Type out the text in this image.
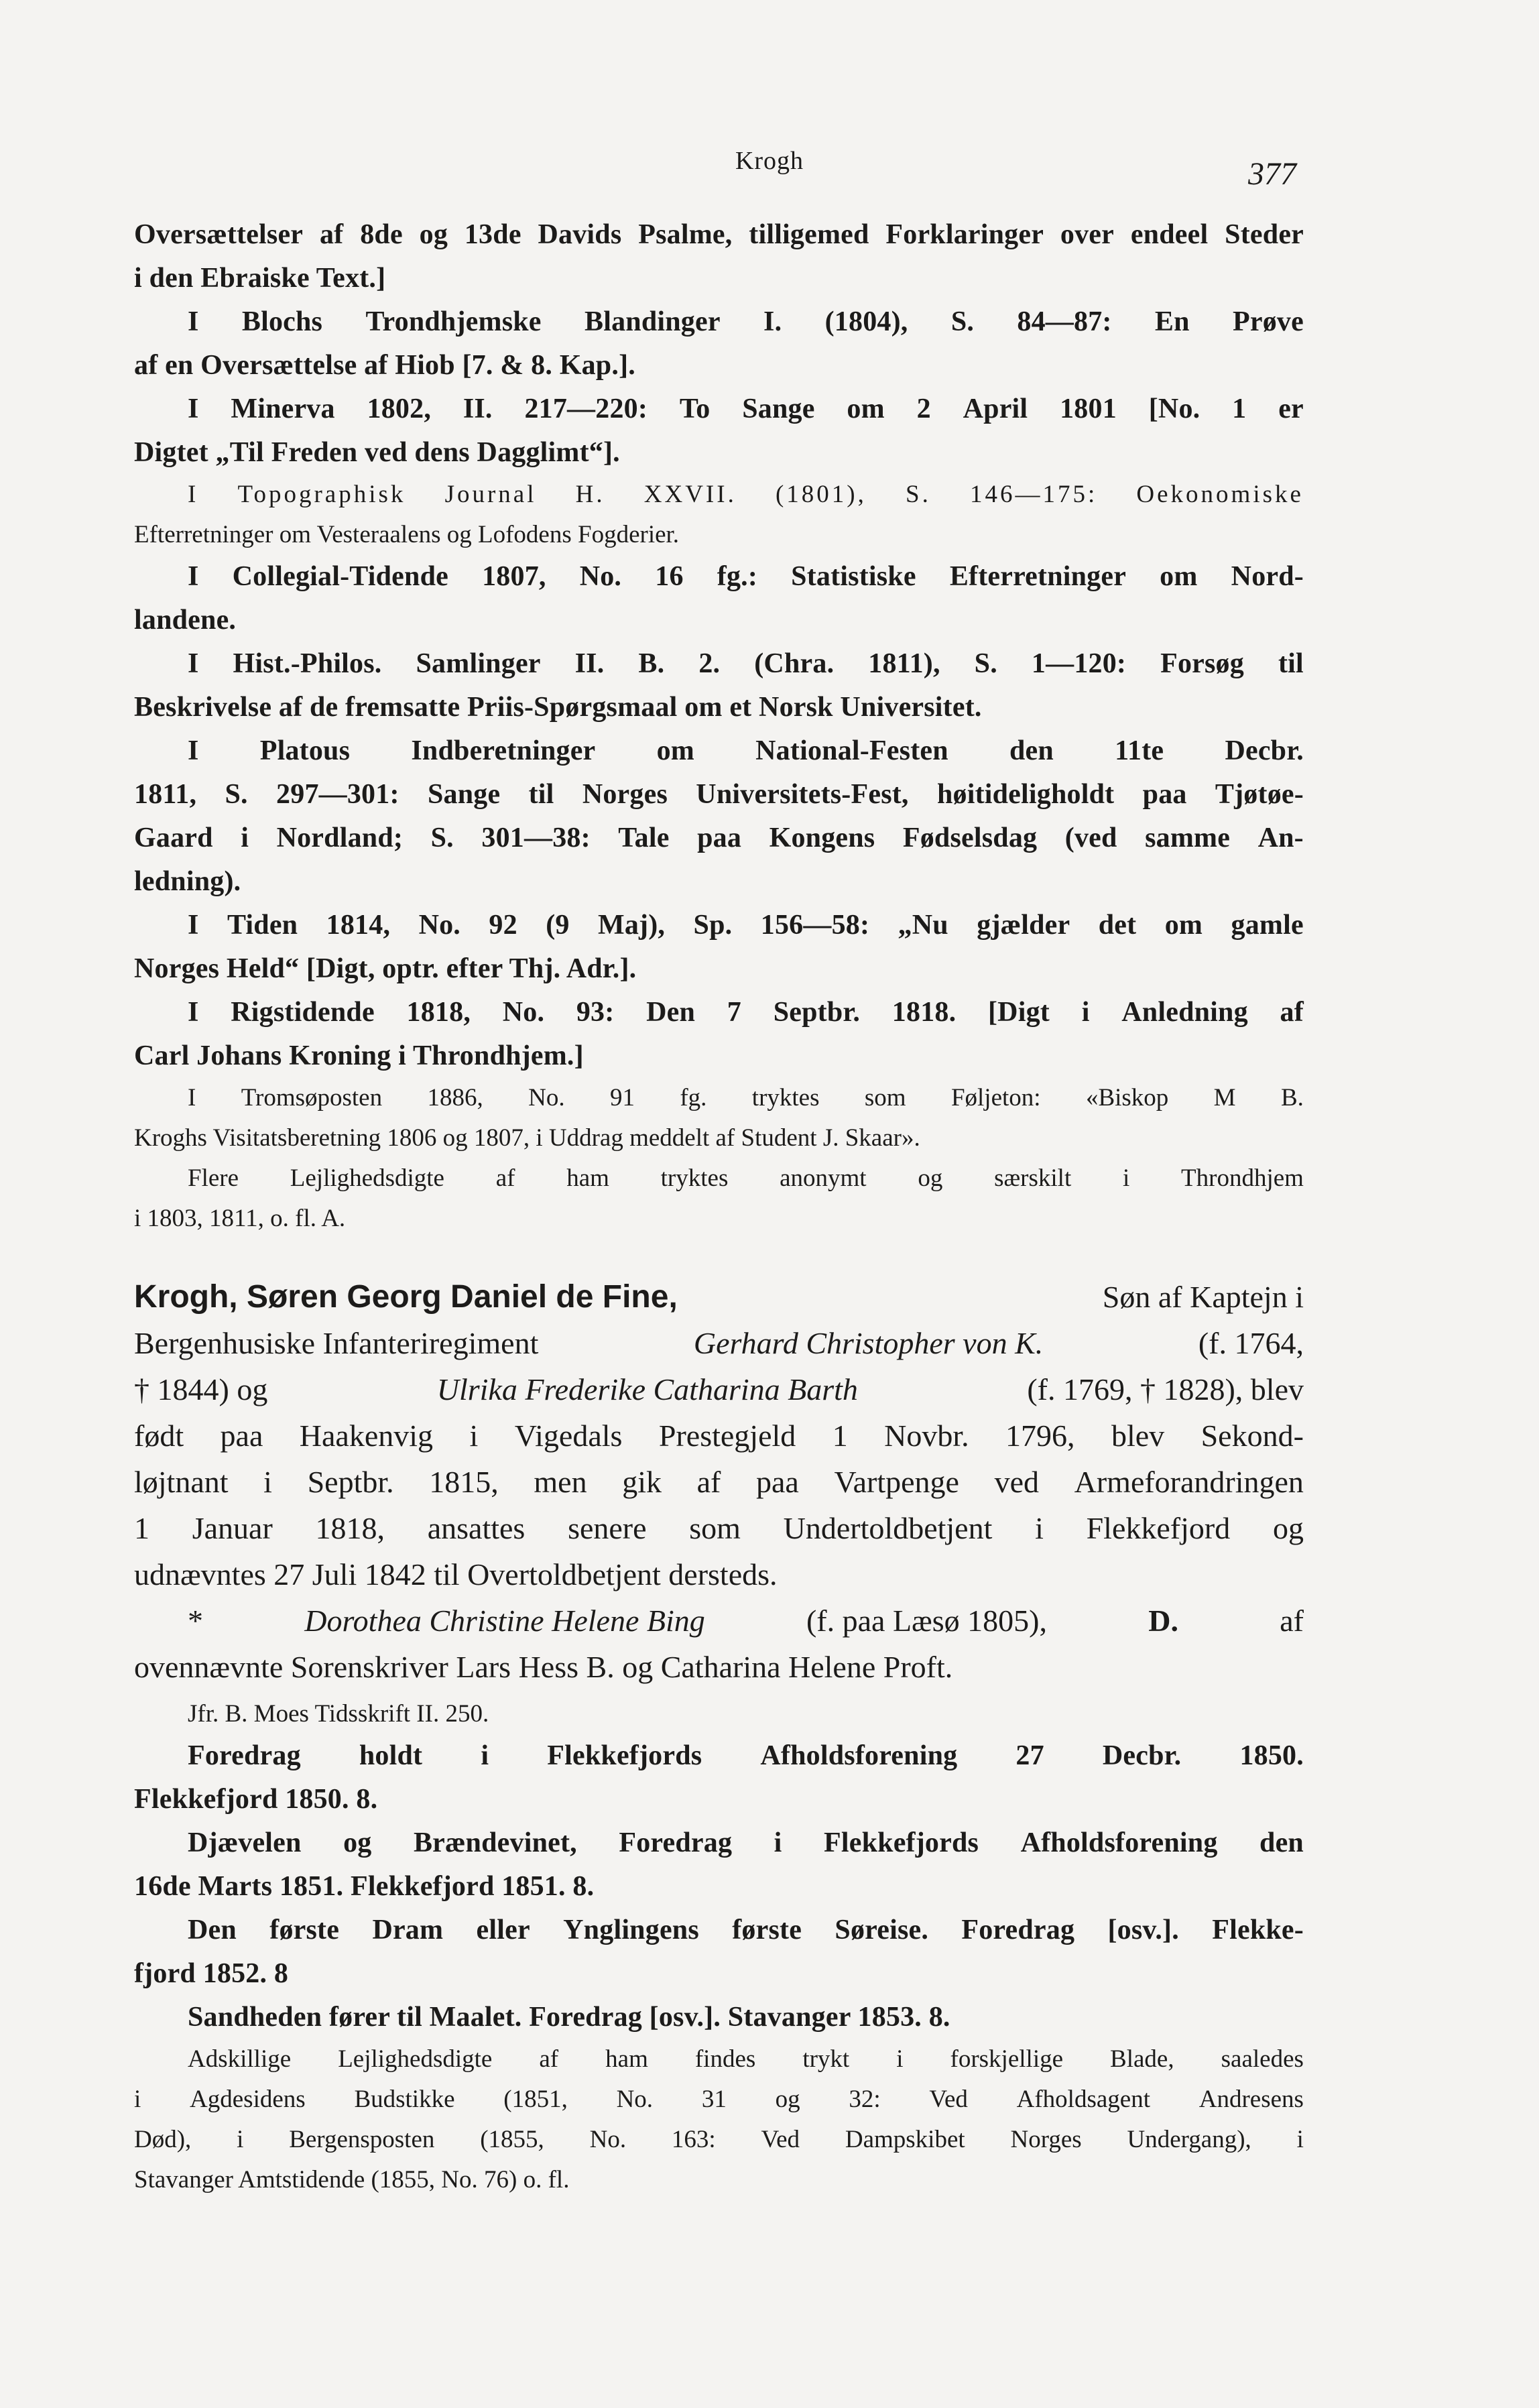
Krogh	377
Oversættelser af 8de og 13de Davids Psalme, tilligemed Forklaringer over endeel Steder
i den Ebraiske Text.]
I Blochs Trondhjemske Blandinger I. (1804), S. 84—87: En Prøve
af en Oversættelse af Hiob [7. & 8. Kap.].
I Minerva 1802, II. 217—220: To Sange om 2 April 1801 [No. 1 er
Digtet „Til Freden ved dens Dagglimt“].
I Topographisk Journal H. XXVII. (1801), S. 146—175: Oekonomiske
Efterretninger om Vesteraalens og Lofodens Fogderier.
I Collegial-Tidende 1807, No. 16 fg.: Statistiske Efterretninger om Nord-
landene.
I Hist.-Philos. Samlinger II. B. 2. (Chra. 1811), S. 1—120: Forsøg til
Beskrivelse af de fremsatte Priis-Spørgsmaal om et Norsk Universitet.
I Platous Indberetninger om National-Festen den 11te Decbr.
1811, S. 297—301: Sange til Norges Universitets-Fest, høitideligholdt paa Tjøtøe-
Gaard i Nordland; S. 301—38: Tale paa Kongens Fødselsdag (ved samme An-
ledning).
I Tiden 1814, No. 92 (9 Maj), Sp. 156—58: „Nu gjælder det om gamle
Norges Held“ [Digt, optr. efter Thj. Adr.].
I Rigstidende 1818, No. 93: Den 7 Septbr. 1818. [Digt i Anledning af
Carl Johans Kroning i Throndhjem.]
I Tromsøposten 1886, No. 91 fg. tryktes som Føljeton: «Biskop M B.
Kroghs Visitatsberetning 1806 og 1807, i Uddrag meddelt af Student J. Skaar».
Flere Lejlighedsdigte af ham tryktes anonymt og særskilt i Throndhjem
i 1803, 1811, o. fl. A.
Krogh, Søren Georg Daniel de Fine,	Søn af Kaptejn i
Bergenhusiske Infanteriregiment	Gerhard Christopher von K.	(f. 1764,
† 1844) og	Ulrika Frederike Catharina Barth	(f. 1769, † 1828), blev
født paa Haakenvig i Vigedals Prestegjeld 1 Novbr. 1796, blev Sekond-
løjtnant i Septbr. 1815, men gik af paa Vartpenge ved Armeforandringen
1 Januar 1818, ansattes senere som Undertoldbetjent i Flekkefjord og
udnævntes 27 Juli 1842 til Overtoldbetjent dersteds.
*	Dorothea Christine Helene Bing	(f. paa Læsø 1805),	D.	af
ovennævnte Sorenskriver Lars Hess B. og Catharina Helene Proft.
Jfr. B. Moes Tidsskrift II. 250.
Foredrag holdt i Flekkefjords Afholdsforening 27 Decbr. 1850.
Flekkefjord 1850. 8.
Djævelen og Brændevinet, Foredrag i Flekkefjords Afholdsforening den
16de Marts 1851. Flekkefjord 1851. 8.
Den første Dram eller Ynglingens første Søreise. Foredrag [osv.]. Flekke-
fjord 1852. 8
Sandheden fører til Maalet. Foredrag [osv.]. Stavanger 1853. 8.
Adskillige Lejlighedsdigte af ham findes trykt i forskjellige Blade, saaledes
i Agdesidens Budstikke (1851, No. 31 og 32: Ved Afholdsagent Andresens
Død), i Bergensposten (1855, No. 163: Ved Dampskibet Norges Undergang), i
Stavanger Amtstidende (1855, No. 76) o. fl.
